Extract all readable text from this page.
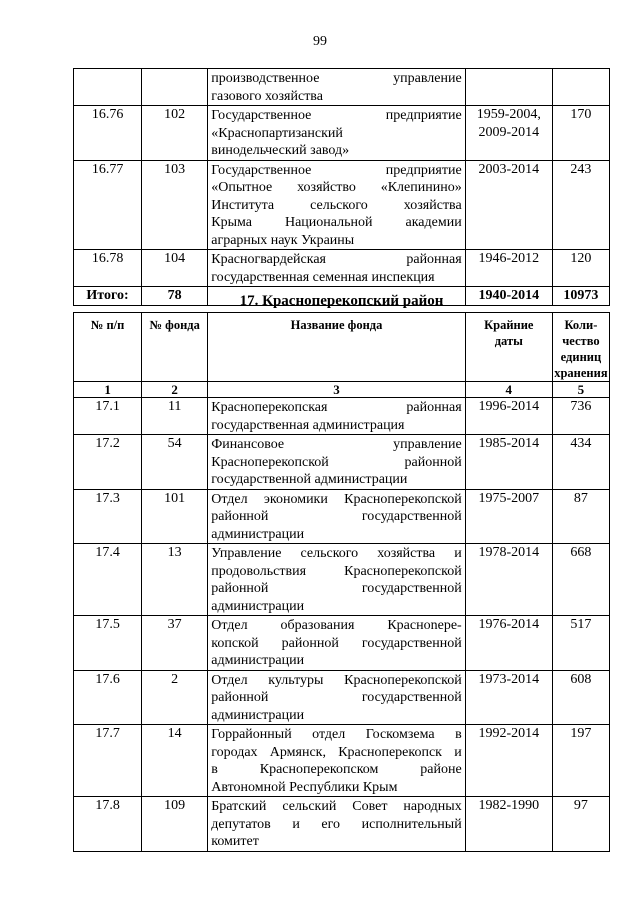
99

		производственное управление
газового хозяйства		

16.76	102	Государственное предприятие
«Краснопартизанский
винодельческий завод»	1959-2004, 2009-2014	170
16.77	103	Государственное предприятие
«Опытное хозяйство «Клепинино»
Института сельского хозяйства
Крыма Национальной академии
аграрных наук Украины	2003-2014	243
16.78	104	Красногвардейская районная
государственная семенная инспекция	1946-2012	120
Итого:	78		1940-2014	10973
17. Красноперекопский район
№ п/п	№ фонда	Название фонда	Крайние даты	Коли-чество единиц хранения
1	2	3	4	5
17.1	11	Красноперекопская районная
государственная администрация	1996-2014	736
17.2	54	Финансовое управление
Красноперекопской районной
государственной администрации	1985-2014	434
17.3	101	Отдел экономики Красноперекопской
районной государственной
администрации	1975-2007	87
17.4	13	Управление сельского хозяйства и
продовольствия Красноперекопской
районной государственной
администрации	1978-2014	668
17.5	37	Отдел образования Красноnере-
копской районной государственной
администрации	1976-2014	517
17.6	2	Отдел культуры Красноперекопской
районной государственной
администрации	1973-2014	608
17.7	14	Горрайонный отдел Госкомзема в
городах Армянск, Красноперекопск и
в Красноперекопском районе
Автономной Республики Крым	1992-2014	197
17.8	109	Братский сельский Совет народных
депутатов и его исполнительный
комитет	1982-1990	97
